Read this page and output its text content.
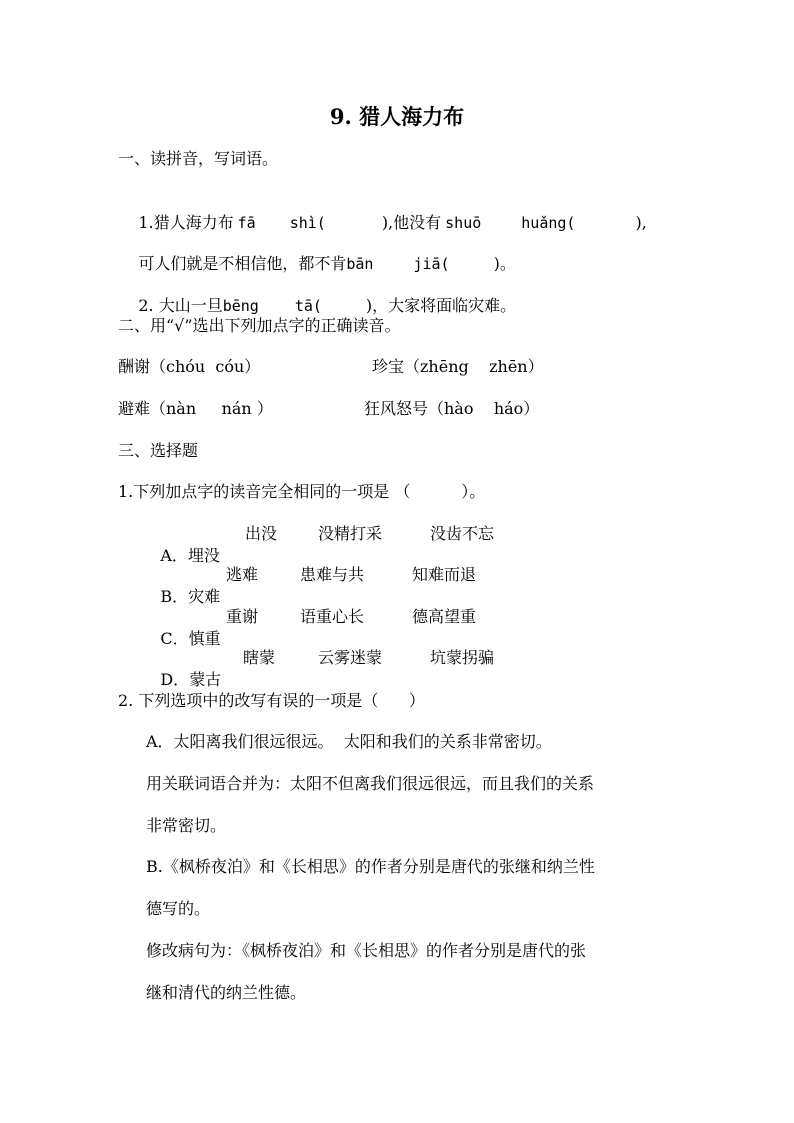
9. 猎人海力布
一、读拼音，写词语。

1.猎人海力布 fā shì(	),他没有 shuō	huǎng(	),

可人们就是不相信他，都不肯bān	jiā(	)。

2. 大山一旦bēng tā(	)，大家将面临灾难。

二、用“√”选出下列加点字的正确读音。
酬谢（chóu  cóu）	珍宝（zhēng    zhēn）
避难（nàn     nán ）	狂风怒号（hào    háo）
三、选择题
1.下列加点字的读音完全相同的一项是 （          ）。

A．埋没

出没	没精打采	没齿不忘

B．灾难

逃难	患难与共	知难而退

C．慎重

重谢	语重心长	德高望重

D．蒙古

瞎蒙	云雾迷蒙	坑蒙拐骗
2. 下列选项中的改写有误的一项是（      ）
A．太阳离我们很远很远。  太阳和我们的关系非常密切。
用关联词语合并为：太阳不但离我们很远很远，而且我们的关系
非常密切。
B.《枫桥夜泊》和《长相思》的作者分别是唐代的张继和纳兰性
德写的。
修改病句为：《枫桥夜泊》和《长相思》的作者分别是唐代的张
继和清代的纳兰性德。
